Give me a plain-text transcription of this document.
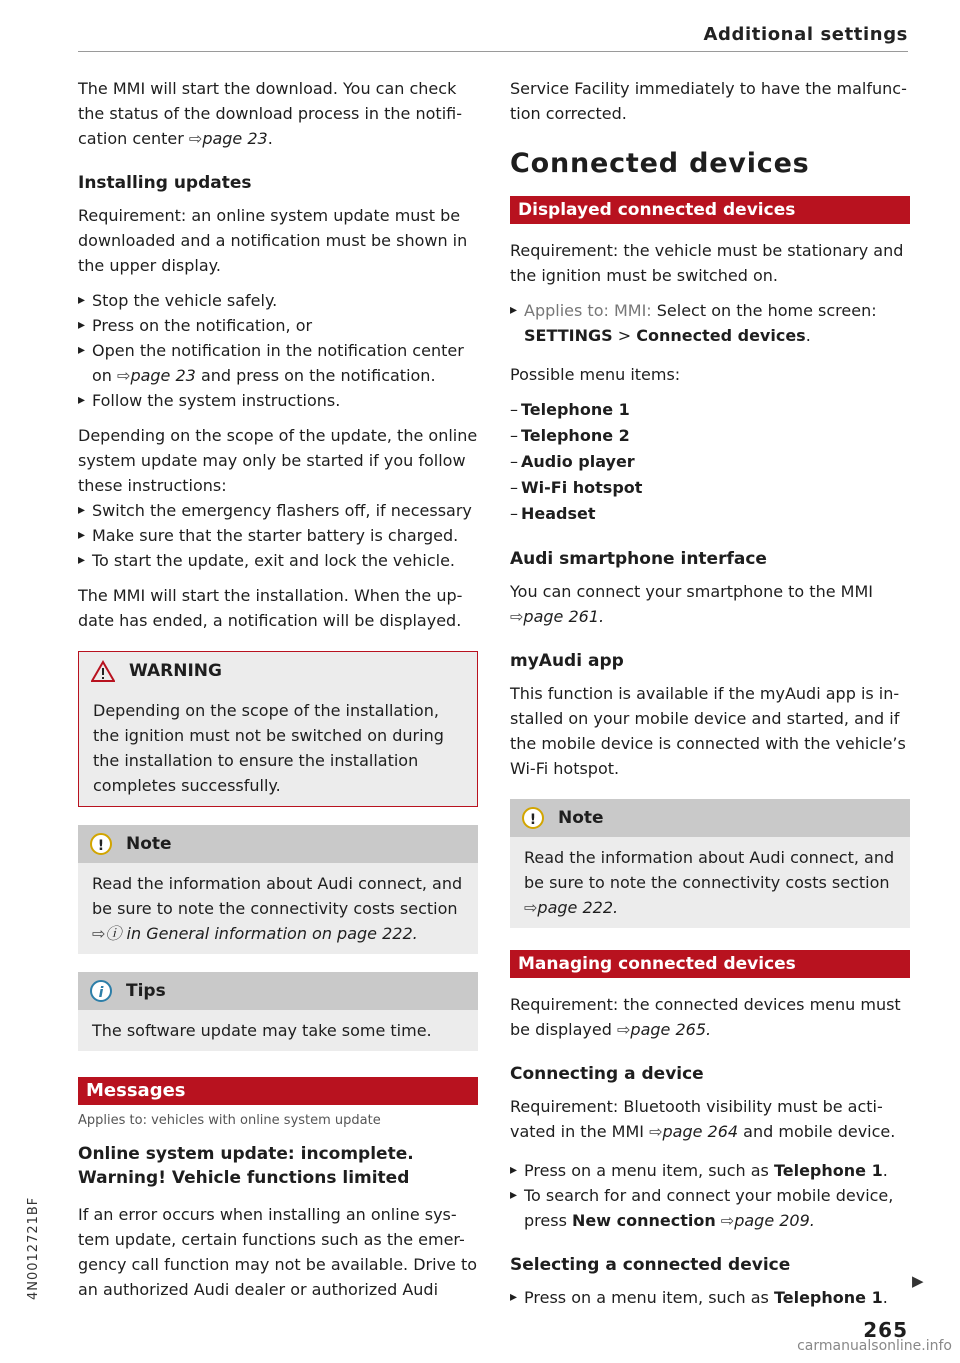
Additional settings

The MMI will start the download. You can check the status of the download process in the notifi-cation center ⇨page 23.

Installing updates

Requirement: an online system update must be downloaded and a notification must be shown in the upper display.

▸ Stop the vehicle safely.
▸ Press on the notification, or
▸ Open the notification in the notification center on ⇨page 23 and press on the notification.
▸ Follow the system instructions.

Depending on the scope of the update, the online system update may only be started if you follow these instructions:

▸ Switch the emergency flashers off, if necessary
▸ Make sure that the starter battery is charged.
▸ To start the update, exit and lock the vehicle.

The MMI will start the installation. When the up-date has ended, a notification will be displayed.

WARNING

Depending on the scope of the installation, the ignition must not be switched on during the installation to ensure the installation completes successfully.

!	Note

Read the information about Audi connect, and be sure to note the connectivity costs section ⇨ⓘ in General information on page 222.

i	Tips

The software update may take some time.

Messages
Applies to: vehicles with online system update
Online system update: incomplete. Warning! Vehicle functions limited

If an error occurs when installing an online sys-tem update, certain functions such as the emer-gency call function may not be available. Drive to an authorized Audi dealer or authorized Audi

Service Facility immediately to have the malfunc-tion corrected.

Connected devices
Displayed connected devices

Requirement: the vehicle must be stationary and the ignition must be switched on.

▸ Applies to: MMI: Select on the home screen:
SETTINGS > Connected devices.

Possible menu items:

– Telephone 1
– Telephone 2
– Audio player
– Wi-Fi hotspot
– Headset
Audi smartphone interface

You can connect your smartphone to the MMI
⇨page 261.

myAudi app

This function is available if the myAudi app is in-stalled on your mobile device and started, and if the mobile device is connected with the vehicle’s Wi-Fi hotspot.

!	Note

Read the information about Audi connect, and be sure to note the connectivity costs section
⇨page 222.

Managing connected devices

Requirement: the connected devices menu must be displayed ⇨page 265.

Connecting a device

Requirement: Bluetooth visibility must be acti-vated in the MMI ⇨page 264 and mobile device.

▸ Press on a menu item, such as Telephone 1.
▸ To search for and connect your mobile device, press New connection ⇨page 209.
Selecting a connected device
▸ Press on a menu item, such as Telephone 1.
▶
265
4N0012721BF
carmanualsonline.info
